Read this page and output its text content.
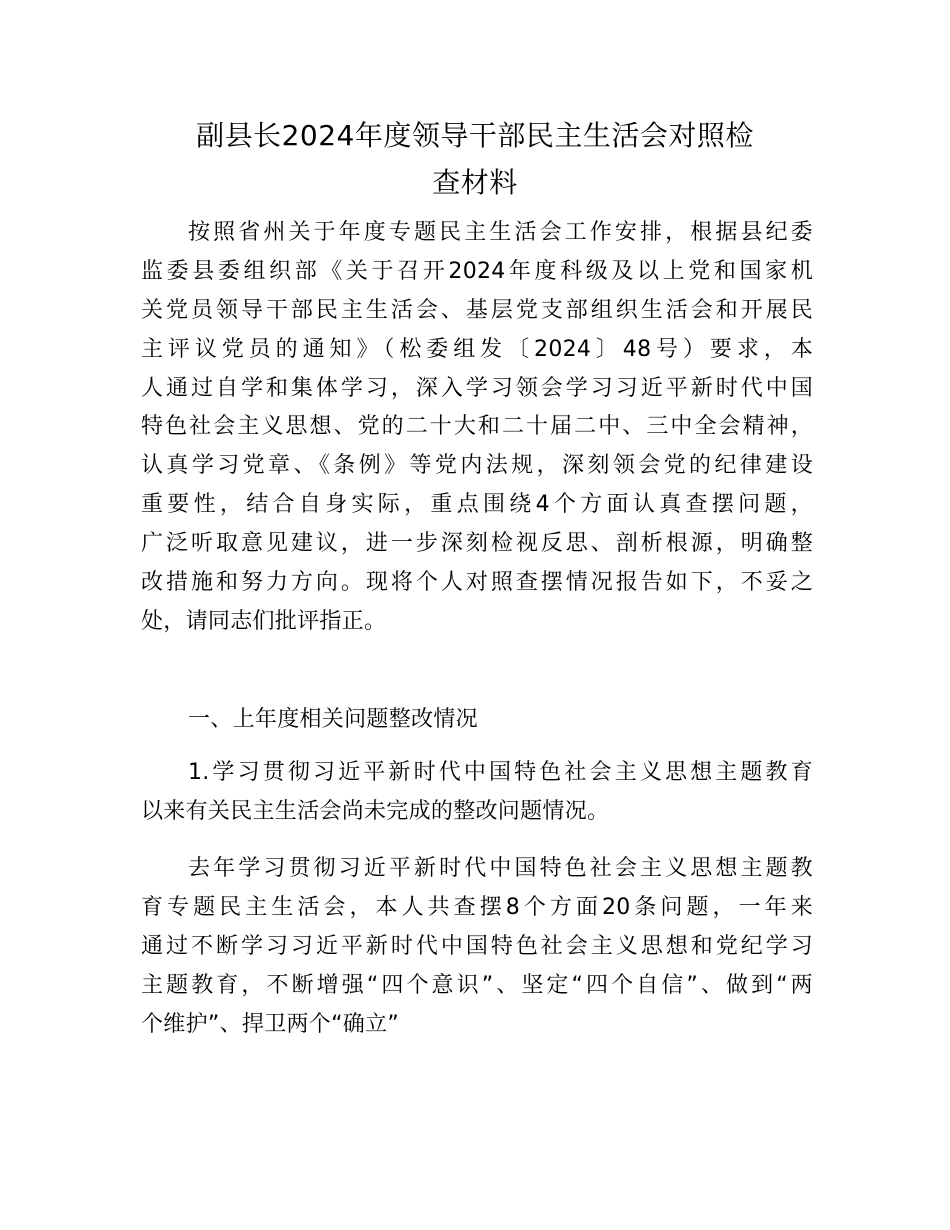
副县长2024年度领导干部民主生活会对照检
查材料
按照省州关于年度专题民主生活会工作安排，根据县纪委
监委县委组织部《关于召开2024年度科级及以上党和国家机
关党员领导干部民主生活会、基层党支部组织生活会和开展民
主评议党员的通知》（松委组发〔2024〕48号）要求，本
人通过自学和集体学习，深入学习领会学习习近平新时代中国
特色社会主义思想、党的二十大和二十届二中、三中全会精神，
认真学习党章、《条例》等党内法规，深刻领会党的纪律建设
重要性，结合自身实际，重点围绕4个方面认真查摆问题，
广泛听取意见建议，进一步深刻检视反思、剖析根源，明确整
改措施和努力方向。现将个人对照查摆情况报告如下，不妥之
处，请同志们批评指正。
一、上年度相关问题整改情况
1.学习贯彻习近平新时代中国特色社会主义思想主题教育
以来有关民主生活会尚未完成的整改问题情况。
去年学习贯彻习近平新时代中国特色社会主义思想主题教
育专题民主生活会，本人共查摆8个方面20条问题，一年来
通过不断学习习近平新时代中国特色社会主义思想和党纪学习
主题教育，不断增强“四个意识”、坚定“四个自信”、做到“两
个维护”、捍卫两个“确立”
